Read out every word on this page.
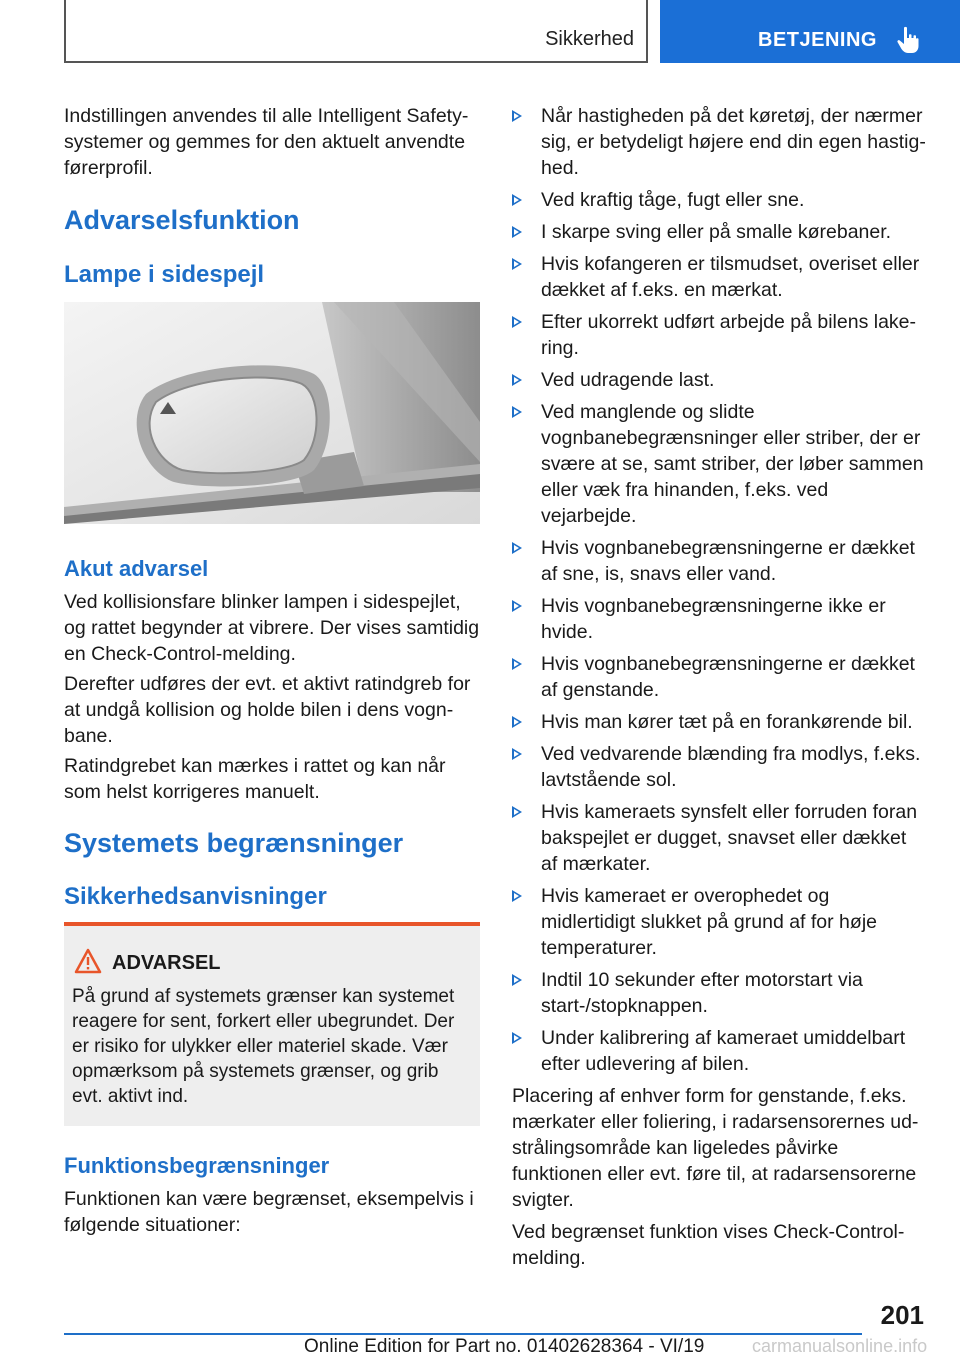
Sikkerhed	BETJENING

Indstillingen anvendes til alle Intelligent Safety-systemer og gemmes for den aktuelt anvendte førerprofil.

Advarselsfunktion
Lampe i sidespejl
Akut advarsel

Ved kollisionsfare blinker lampen i sidespejlet, og rattet begynder at vibrere. Der vises samtidig en Check-Control-melding.

Derefter udføres der evt. et aktivt ratindgreb for at undgå kollision og holde bilen i dens vognbane.

Ratindgrebet kan mærkes i rattet og kan når som helst korrigeres manuelt.

Systemets begrænsninger
Sikkerhedsanvisninger
ADVARSEL
På grund af systemets grænser kan systemet reagere for sent, forkert eller ubegrundet. Der er risiko for ulykker eller materiel skade. Vær opmærksom på systemets grænser, og grib evt. aktivt ind.
Funktionsbegrænsninger

Funktionen kan være begrænset, eksempelvis i følgende situationer:

Når hastigheden på det køretøj, der nærmer sig, er betydeligt højere end din egen hastighed.
Ved kraftig tåge, fugt eller sne.
I skarpe sving eller på smalle kørebaner.
Hvis kofangeren er tilsmudset, overiset eller dækket af f.eks. en mærkat.
Efter ukorrekt udført arbejde på bilens lakering.
Ved udragende last.
Ved manglende og slidte vognbanebegrænsninger eller striber, der er svære at se, samt striber, der løber sammen eller væk fra hinanden, f.eks. ved vejarbejde.
Hvis vognbanebegrænsningerne er dækket af sne, is, snavs eller vand.
Hvis vognbanebegrænsningerne ikke er hvide.
Hvis vognbanebegrænsningerne er dækket af genstande.
Hvis man kører tæt på en forankørende bil.
Ved vedvarende blænding fra modlys, f.eks. lavtstående sol.
Hvis kameraets synsfelt eller forruden foran bakspejlet er dugget, snavset eller dækket af mærkater.
Hvis kameraet er overophedet og midlertidigt slukket på grund af for høje temperaturer.
Indtil 10 sekunder efter motorstart via start-/stopknappen.
Under kalibrering af kameraet umiddelbart efter udlevering af bilen.

Placering af enhver form for genstande, f.eks. mærkater eller foliering, i radarsensorernes udstrålingsområde kan ligeledes påvirke funktionen eller evt. føre til, at radarsensorerne svigter.

Ved begrænset funktion vises Check-Control-melding.

201
Online Edition for Part no. 01402628364 - VI/19	carmanualsonline.info
